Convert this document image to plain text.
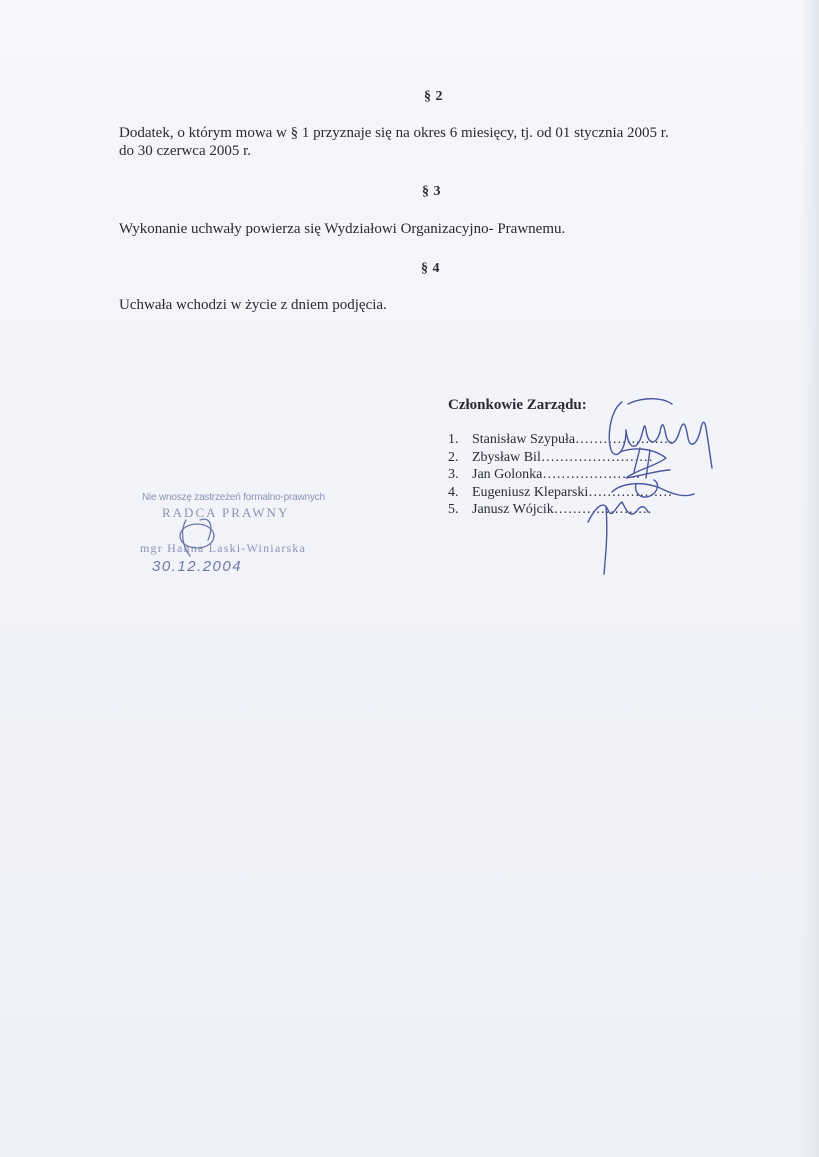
§ 2
Dodatek, o którym mowa w § 1 przyznaje się na okres 6 miesięcy, tj. od 01 stycznia 2005 r.
do 30 czerwca 2005 r.
§ 3
Wykonanie uchwały powierza się Wydziałowi Organizacyjno- Prawnemu.
§ 4
Uchwała wchodzi w życie z dniem podjęcia.
Członkowie Zarządu:
1. Stanisław Szypuła…………………
2. Zbysław Bil……………………
3. Jan Golonka…………………
4. Eugeniusz Kleparski………………
5. Janusz Wójcik…………………
Nie wnoszę zastrzeżeń formalno-prawnych
RADCA PRAWNY
mgr Hanna Laski-Winiarska
30.12.2004
